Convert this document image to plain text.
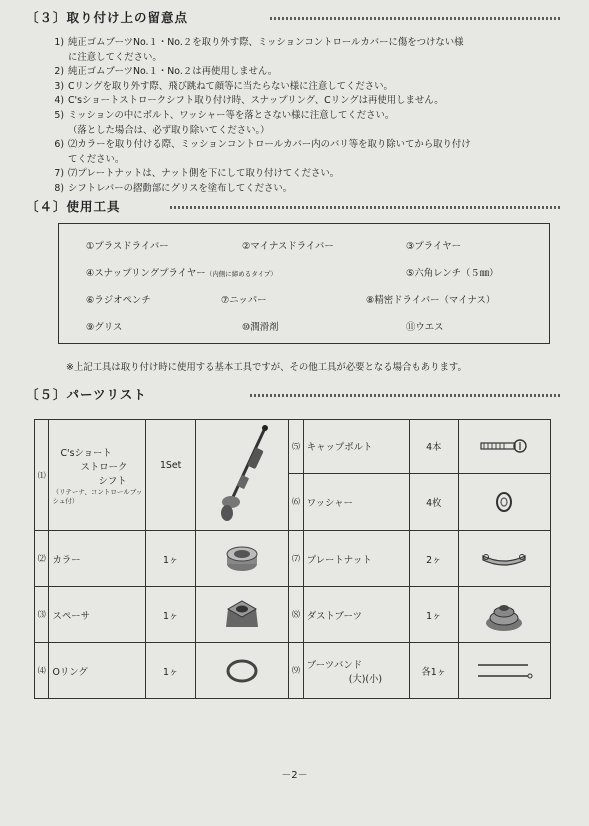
〔３〕取り付け上の留意点
1) 純正ゴムブーツNo.１・No.２を取り外す際、ミッションコントロールカバーに傷をつけない様
に注意してください。
2) 純正ゴムブーツNo.１・No.２は再使用しません。
3) Cリングを取り外す際、飛び跳ねて顔等に当たらない様に注意してください。
4) C'sショートストロークシフト取り付け時、スナップリング、Cリングは再使用しません。
5) ミッションの中にボルト、ワッシャー等を落とさない様に注意してください。
（落とした場合は、必ず取り除いてください。）
6) ⑵カラーを取り付ける際、ミッションコントロールカバー内のバリ等を取り除いてから取り付け
てください。
7) ⑺プレートナットは、ナット側を下にして取り付けてください。
8) シフトレバーの摺動部にグリスを塗布してください。
〔４〕使用工具
①プラスドライバー	②マイナスドライバー	③プライヤー
④スナップリングプライヤー（内側に締めるタイプ）	⑤六角レンチ（５㎜）
⑥ラジオペンチ	⑦ニッパー	⑧精密ドライバー（マイナス）
⑨グリス	⑩潤滑剤	⑪ウエス
※上記工具は取り付け時に使用する基本工具ですが、その他工具が必要となる場合もあります。
〔５〕パーツリスト
⑴	C'sショート
ストローク
シフト
（リテーナ、コントロールブッシュ付）	1Set		⑸	キャップボルト	4本	

				⑹	ワッシャー	4枚	

⑵	カラー	1ヶ		⑺	プレートナット	2ヶ	

⑶	スペーサ	1ヶ		⑻	ダストブーツ	1ヶ	

⑷	Oリング	1ヶ		⑼	ブーツバンド
(大)(小)	各1ヶ	
－2－
